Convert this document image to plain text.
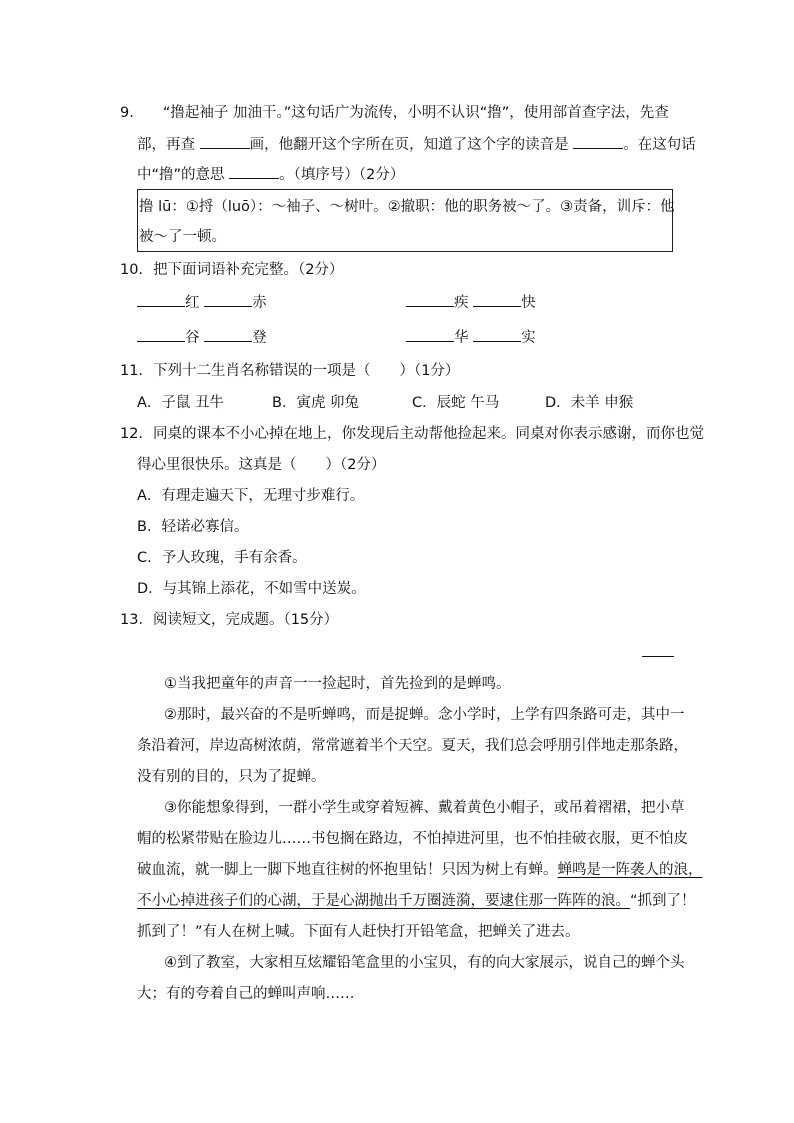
9.　　“撸起袖子 加油干。”这句话广为流传，小明不认识“撸”，使用部首查字法，先查
部，再查	画，他翻开这个字所在页，知道了这个字的读音是	。在这句话
中“撸”的意思	。（填序号）（2分）
撸 lū：①捋（luō）：～袖子、～树叶。②撤职：他的职务被～了。③责备，训斥：他
被～了一顿。
10．把下面词语补充完整。（2分）
红	赤	疾	快
谷	登	华	实
11．下列十二生肖名称错误的一项是（　　）（1分）
A．子鼠 丑牛	B．寅虎 卯兔	C．辰蛇 午马	D．未羊 申猴
12．同桌的课本不小心掉在地上，你发现后主动帮他捡起来。同桌对你表示感谢，而你也觉
得心里很快乐。这真是（　　）（2分）
A．有理走遍天下，无理寸步难行。
B．轻诺必寡信。
C．予人玫瑰，手有余香。
D．与其锦上添花，不如雪中送炭。
13．阅读短文，完成题。（15分）
①当我把童年的声音一一捡起时，首先捡到的是蝉鸣。
②那时，最兴奋的不是听蝉鸣，而是捉蝉。念小学时，上学有四条路可走，其中一
条沿着河，岸边高树浓荫，常常遮着半个天空。夏天，我们总会呼朋引伴地走那条路，
没有别的目的，只为了捉蝉。
③你能想象得到，一群小学生或穿着短裤、戴着黄色小帽子，或吊着褶裙，把小草
帽的松紧带贴在脸边儿……书包搁在路边，不怕掉进河里，也不怕挂破衣服，更不怕皮
破血流，就一脚上一脚下地直往树的怀抱里钻！只因为树上有蝉。蝉鸣是一阵袭人的浪，
不小心掉进孩子们的心湖，于是心湖抛出千万圈涟漪，要逮住那一阵阵的浪。“抓到了！
抓到了！”有人在树上喊。下面有人赶快打开铅笔盒，把蝉关了进去。
④到了教室，大家相互炫耀铅笔盒里的小宝贝，有的向大家展示，说自己的蝉个头
大；有的夸着自己的蝉叫声响……
